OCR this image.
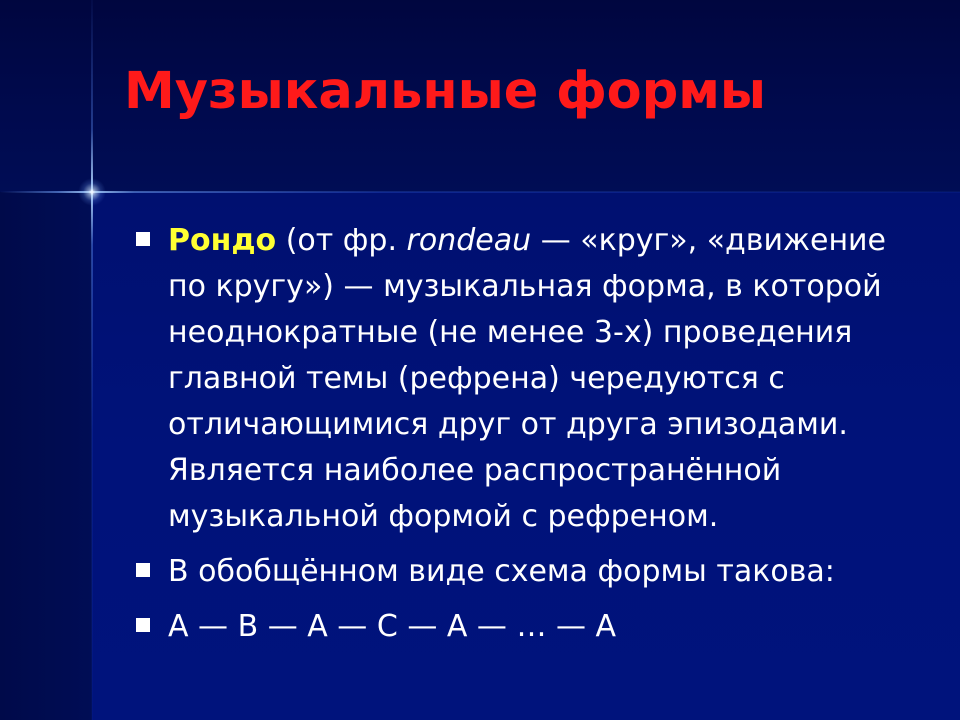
Музыкальные формы
Рондо (от фр. rondeau — «круг», «движение по кругу») — музыкальная форма, в которой неоднократные (не менее 3-х) проведения главной темы (рефрена) чередуются с отличающимися друг от друга эпизодами. Является наиболее распространённой музыкальной формой с рефреном.
В обобщённом виде схема формы такова:
A — B — A — C — A — … — A
